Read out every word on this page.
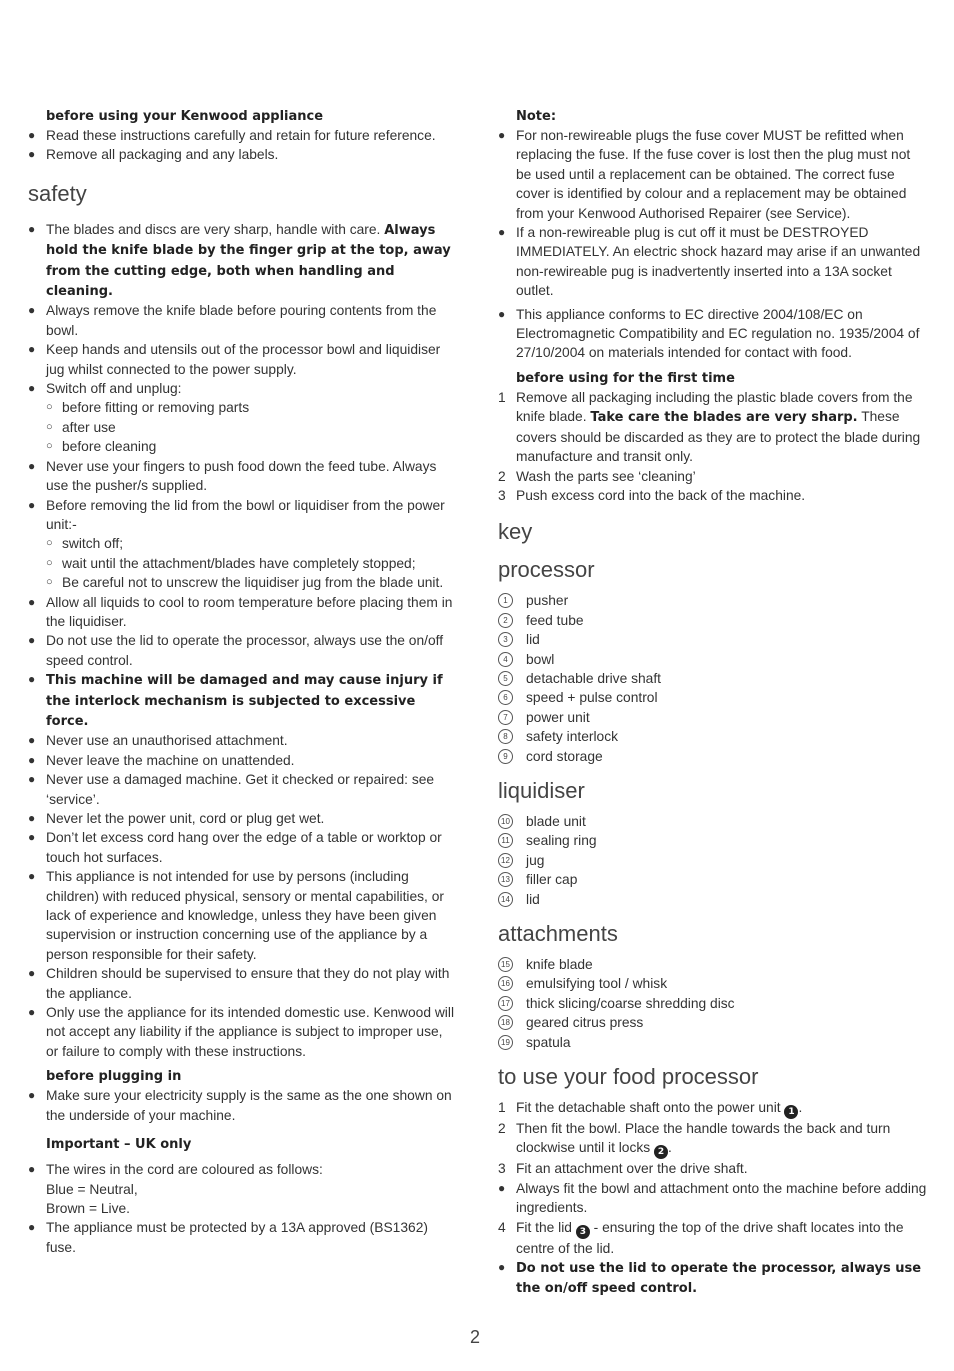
before using your Kenwood appliance
● Read these instructions carefully and retain for future reference.
● Remove all packaging and any labels.
safety
● The blades and discs are very sharp, handle with care. Always hold the knife blade by the finger grip at the top, away from the cutting edge, both when handling and cleaning.
● Always remove the knife blade before pouring contents from the bowl.
● Keep hands and utensils out of the processor bowl and liquidiser jug whilst connected to the power supply.
● Switch off and unplug:
○ before fitting or removing parts
○ after use
○ before cleaning
● Never use your fingers to push food down the feed tube. Always use the pusher/s supplied.
● Before removing the lid from the bowl or liquidiser from the power unit:-
○ switch off;
○ wait until the attachment/blades have completely stopped;
○ Be careful not to unscrew the liquidiser jug from the blade unit.
● Allow all liquids to cool to room temperature before placing them in the liquidiser.
● Do not use the lid to operate the processor, always use the on/off speed control.
● This machine will be damaged and may cause injury if the interlock mechanism is subjected to excessive force.
● Never use an unauthorised attachment.
● Never leave the machine on unattended.
● Never use a damaged machine. Get it checked or repaired: see ‘service’.
● Never let the power unit, cord or plug get wet.
● Don’t let excess cord hang over the edge of a table or worktop or touch hot surfaces.
● This appliance is not intended for use by persons (including children) with reduced physical, sensory or mental capabilities, or lack of experience and knowledge, unless they have been given supervision or instruction concerning use of the appliance by a person responsible for their safety.
● Children should be supervised to ensure that they do not play with the appliance.
● Only use the appliance for its intended domestic use. Kenwood will not accept any liability if the appliance is subject to improper use, or failure to comply with these instructions.
before plugging in
● Make sure your electricity supply is the same as the one shown on the underside of your machine.
Important – UK only
● The wires in the cord are coloured as follows:
Blue = Neutral,
Brown = Live.
● The appliance must be protected by a 13A approved (BS1362) fuse.
Note:
● For non-rewireable plugs the fuse cover MUST be refitted when replacing the fuse. If the fuse cover is lost then the plug must not be used until a replacement can be obtained. The correct fuse cover is identified by colour and a replacement may be obtained from your Kenwood Authorised Repairer (see Service).
● If a non-rewireable plug is cut off it must be DESTROYED IMMEDIATELY. An electric shock hazard may arise if an unwanted non-rewireable pug is inadvertently inserted into a 13A socket outlet.
● This appliance conforms to EC directive 2004/108/EC on Electromagnetic Compatibility and EC regulation no. 1935/2004 of 27/10/2004 on materials intended for contact with food.
before using for the first time
1 Remove all packaging including the plastic blade covers from the knife blade. Take care the blades are very sharp. These covers should be discarded as they are to protect the blade during manufacture and transit only.
2 Wash the parts see ‘cleaning’
3 Push excess cord into the back of the machine.
key
processor
1	pusher
2	feed tube
3	lid
4	bowl
5	detachable drive shaft
6	speed + pulse control
7	power unit
8	safety interlock
9	cord storage
liquidiser
10 blade unit
11 sealing ring
12 jug
13 filler cap
14 lid
attachments
15 knife blade
16 emulsifying tool / whisk
17 thick slicing/coarse shredding disc
18 geared citrus press
19 spatula
to use your food processor
1 Fit the detachable shaft onto the power unit 1 .
2 Then fit the bowl. Place the handle towards the back and turn clockwise until it locks 2 .
3 Fit an attachment over the drive shaft.
● Always fit the bowl and attachment onto the machine before adding ingredients.
4 Fit the lid 3 - ensuring the top of the drive shaft locates into the centre of the lid.
● Do not use the lid to operate the processor, always use the on/off speed control.
2
